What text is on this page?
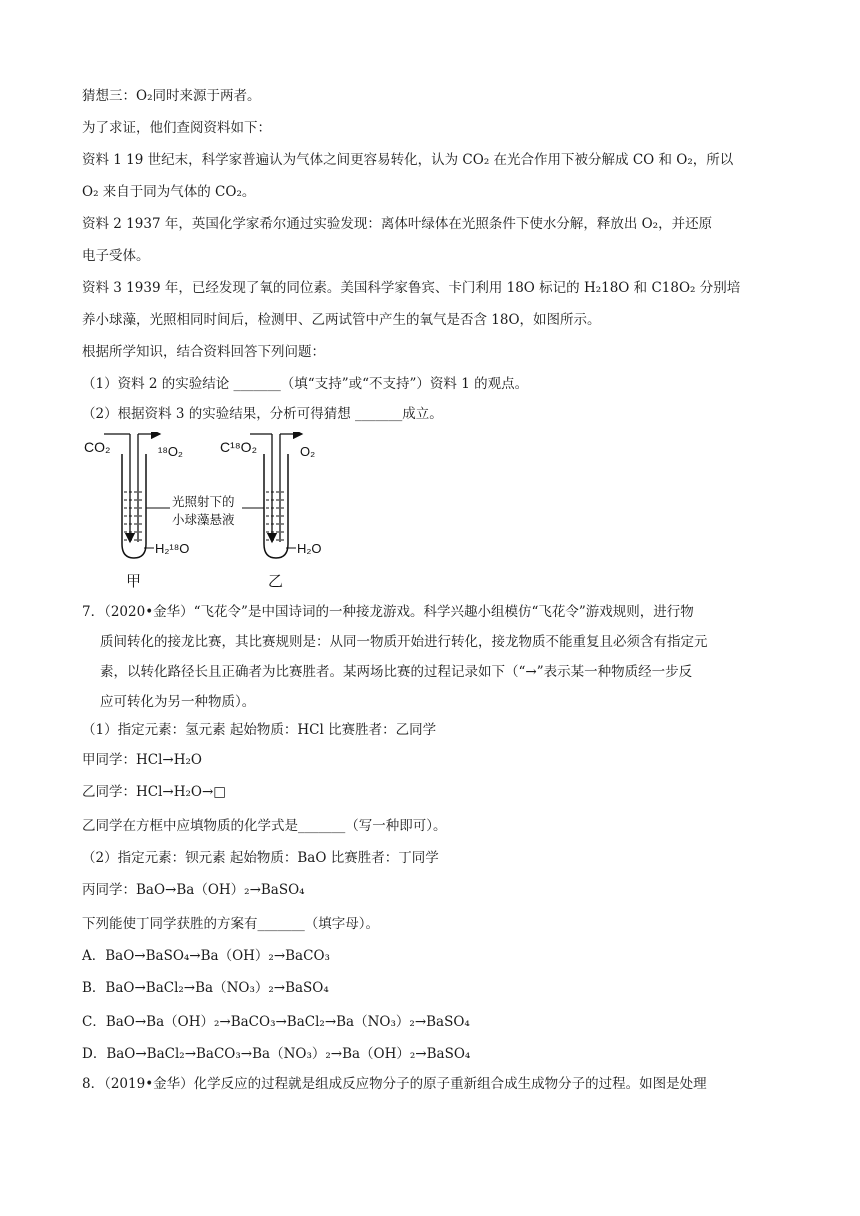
猜想三：O₂同时来源于两者。
为了求证，他们查阅资料如下：
资料 1 19 世纪末，科学家普遍认为气体之间更容易转化，认为 CO₂ 在光合作用下被分解成 CO 和 O₂，所以
O₂ 来自于同为气体的 CO₂。
资料 2 1937 年，英国化学家希尔通过实验发现：离体叶绿体在光照条件下使水分解，释放出 O₂，并还原
电子受体。
资料 3 1939 年，已经发现了氧的同位素。美国科学家鲁宾、卡门利用 18O 标记的 H₂18O 和 C18O₂ 分别培
养小球藻，光照相同时间后，检测甲、乙两试管中产生的氧气是否含 18O，如图所示。
根据所学知识，结合资料回答下列问题：
（1）资料 2 的实验结论 _______（填“支持”或“不支持”）资料 1 的观点。
（2）根据资料 3 的实验结果，分析可得猜想 _______成立。
CO₂	¹⁸O₂	C¹⁸O₂	O₂
光照射下的
小球藻悬液
H₂¹⁸O	H₂O
甲	乙
7．（2020•金华）“飞花令”是中国诗词的一种接龙游戏。科学兴趣小组模仿“飞花令”游戏规则，进行物
质间转化的接龙比赛，其比赛规则是：从同一物质开始进行转化，接龙物质不能重复且必须含有指定元
素，以转化路径长且正确者为比赛胜者。某两场比赛的过程记录如下（“→”表示某一种物质经一步反
应可转化为另一种物质）。
（1）指定元素：氢元素 起始物质：HCl 比赛胜者：乙同学
甲同学：HCl→H₂O
乙同学：HCl→H₂O→□
乙同学在方框中应填物质的化学式是_______（写一种即可）。
（2）指定元素：钡元素 起始物质：BaO 比赛胜者：丁同学
丙同学：BaO→Ba（OH）₂→BaSO₄
下列能使丁同学获胜的方案有_______（填字母）。
A．BaO→BaSO₄→Ba（OH）₂→BaCO₃
B．BaO→BaCl₂→Ba（NO₃）₂→BaSO₄
C．BaO→Ba（OH）₂→BaCO₃→BaCl₂→Ba（NO₃）₂→BaSO₄
D．BaO→BaCl₂→BaCO₃→Ba（NO₃）₂→Ba（OH）₂→BaSO₄
8．（2019•金华）化学反应的过程就是组成反应物分子的原子重新组合成生成物分子的过程。如图是处理
